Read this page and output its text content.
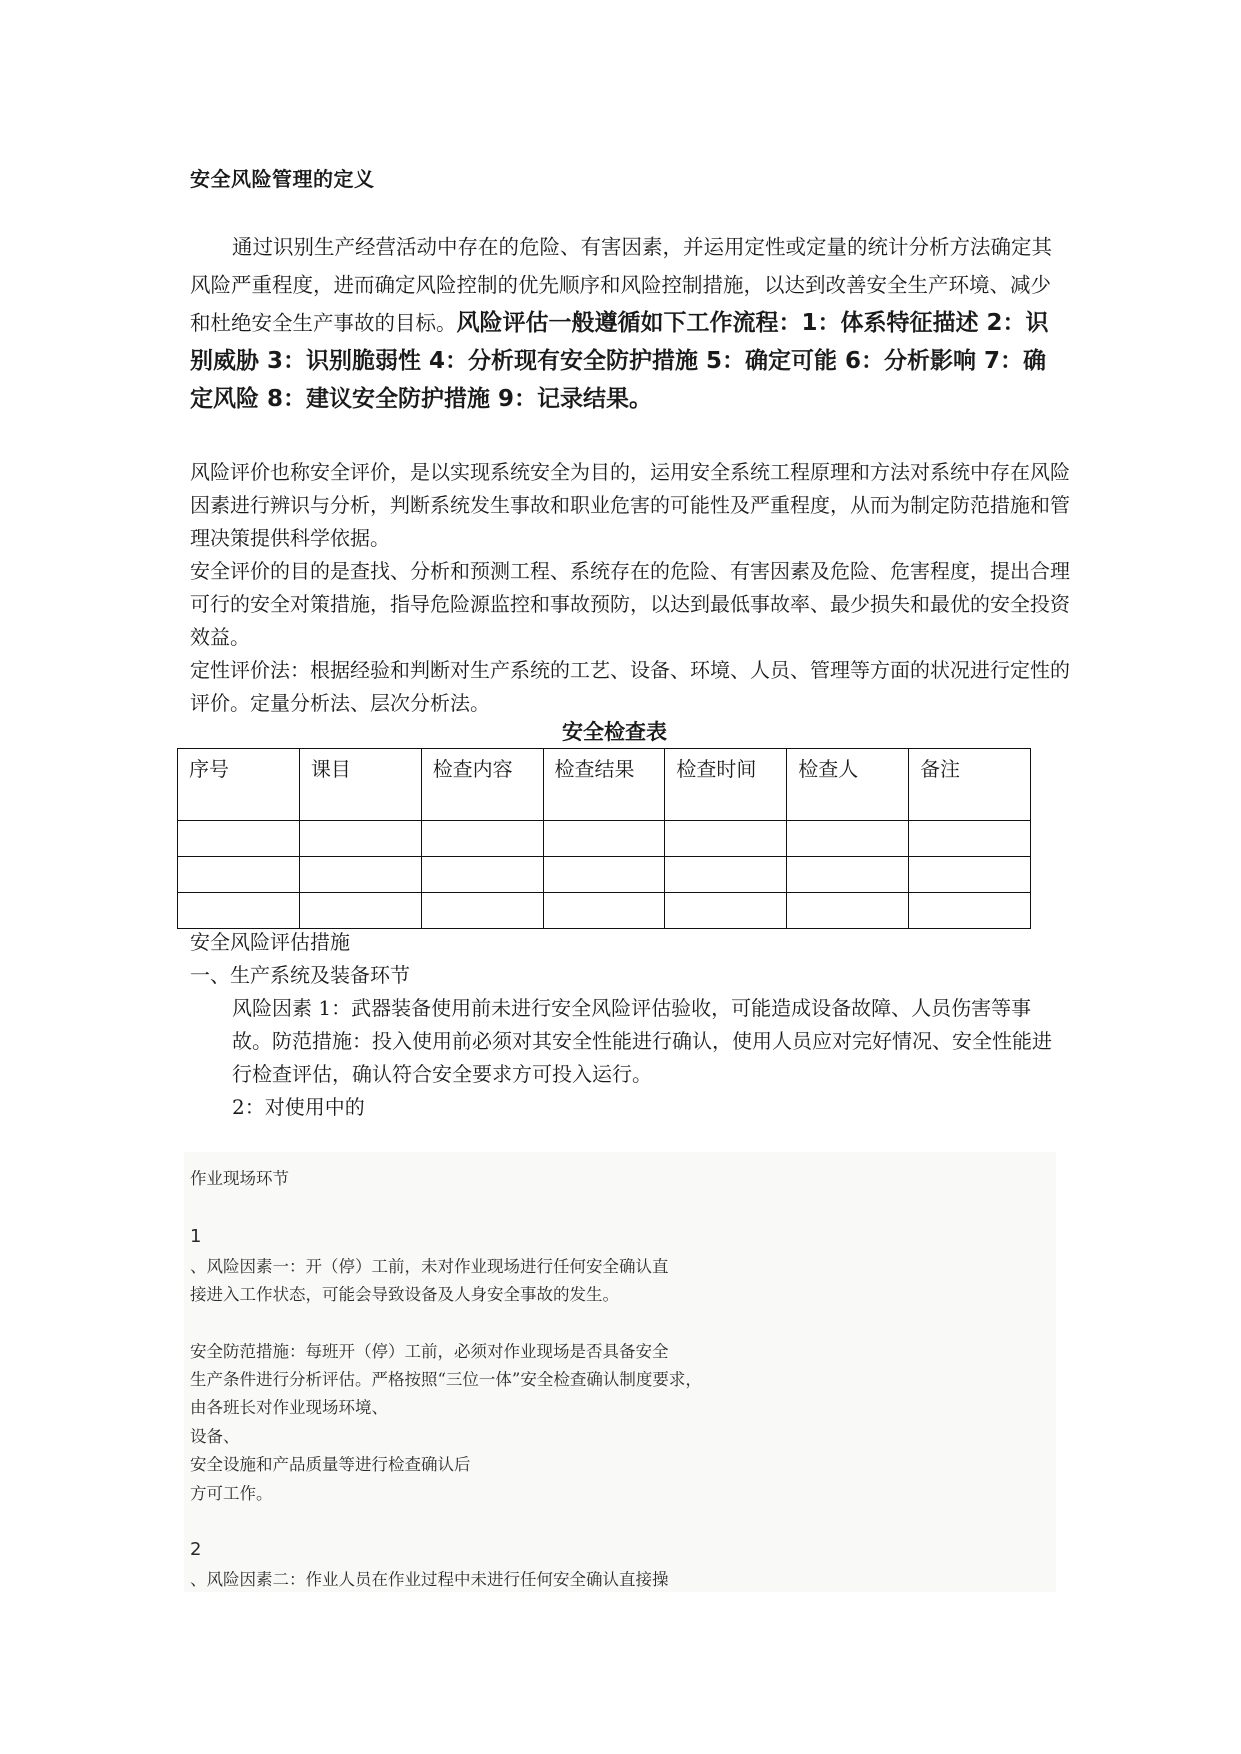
安全风险管理的定义
通过识别生产经营活动中存在的危险、有害因素，并运用定性或定量的统计分析方法确定其风险严重程度，进而确定风险控制的优先顺序和风险控制措施，以达到改善安全生产环境、减少和杜绝安全生产事故的目标。风险评估一般遵循如下工作流程：1：体系特征描述 2：识别威胁 3：识别脆弱性 4：分析现有安全防护措施 5：确定可能 6：分析影响 7：确定风险 8：建议安全防护措施 9：记录结果。
风险评价也称安全评价，是以实现系统安全为目的，运用安全系统工程原理和方法对系统中存在风险因素进行辨识与分析，判断系统发生事故和职业危害的可能性及严重程度，从而为制定防范措施和管理决策提供科学依据。
安全评价的目的是查找、分析和预测工程、系统存在的危险、有害因素及危险、危害程度，提出合理可行的安全对策措施，指导危险源监控和事故预防，以达到最低事故率、最少损失和最优的安全投资效益。
定性评价法：根据经验和判断对生产系统的工艺、设备、环境、人员、管理等方面的状况进行定性的评价。定量分析法、层次分析法。
安全检查表
序号	课目	检查内容	检查结果	检查时间	检查人	备注

安全风险评估措施
一、生产系统及装备环节
风险因素 1：武器装备使用前未进行安全风险评估验收，可能造成设备故障、人员伤害等事故。防范措施：投入使用前必须对其安全性能进行确认，使用人员应对完好情况、安全性能进行检查评估，确认符合安全要求方可投入运行。
2：对使用中的
作业现场环节
1
、风险因素一：开（停）工前，未对作业现场进行任何安全确认直
接进入工作状态，可能会导致设备及人身安全事故的发生。
安全防范措施：每班开（停）工前，必须对作业现场是否具备安全
生产条件进行分析评估。严格按照“三位一体”安全检查确认制度要求，
由各班长对作业现场环境、
设备、
安全设施和产品质量等进行检查确认后
方可工作。
2
、风险因素二：作业人员在作业过程中未进行任何安全确认直接操
